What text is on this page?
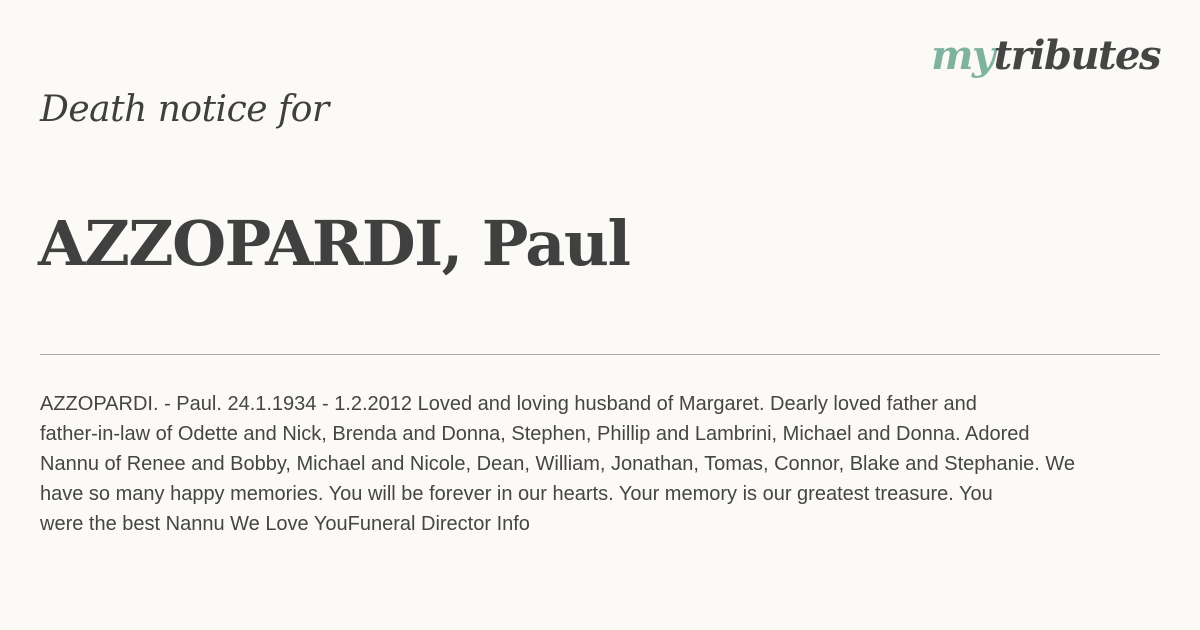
mytributes
Death notice for
AZZOPARDI, Paul

AZZOPARDI. - Paul. 24.1.1934 - 1.2.2012 Loved and loving husband of Margaret. Dearly loved father and
father-in-law of Odette and Nick, Brenda and Donna, Stephen, Phillip and Lambrini, Michael and Donna. Adored
Nannu of Renee and Bobby, Michael and Nicole, Dean, William, Jonathan, Tomas, Connor, Blake and Stephanie. We
have so many happy memories. You will be forever in our hearts. Your memory is our greatest treasure. You
were the best Nannu We Love YouFuneral Director Info
